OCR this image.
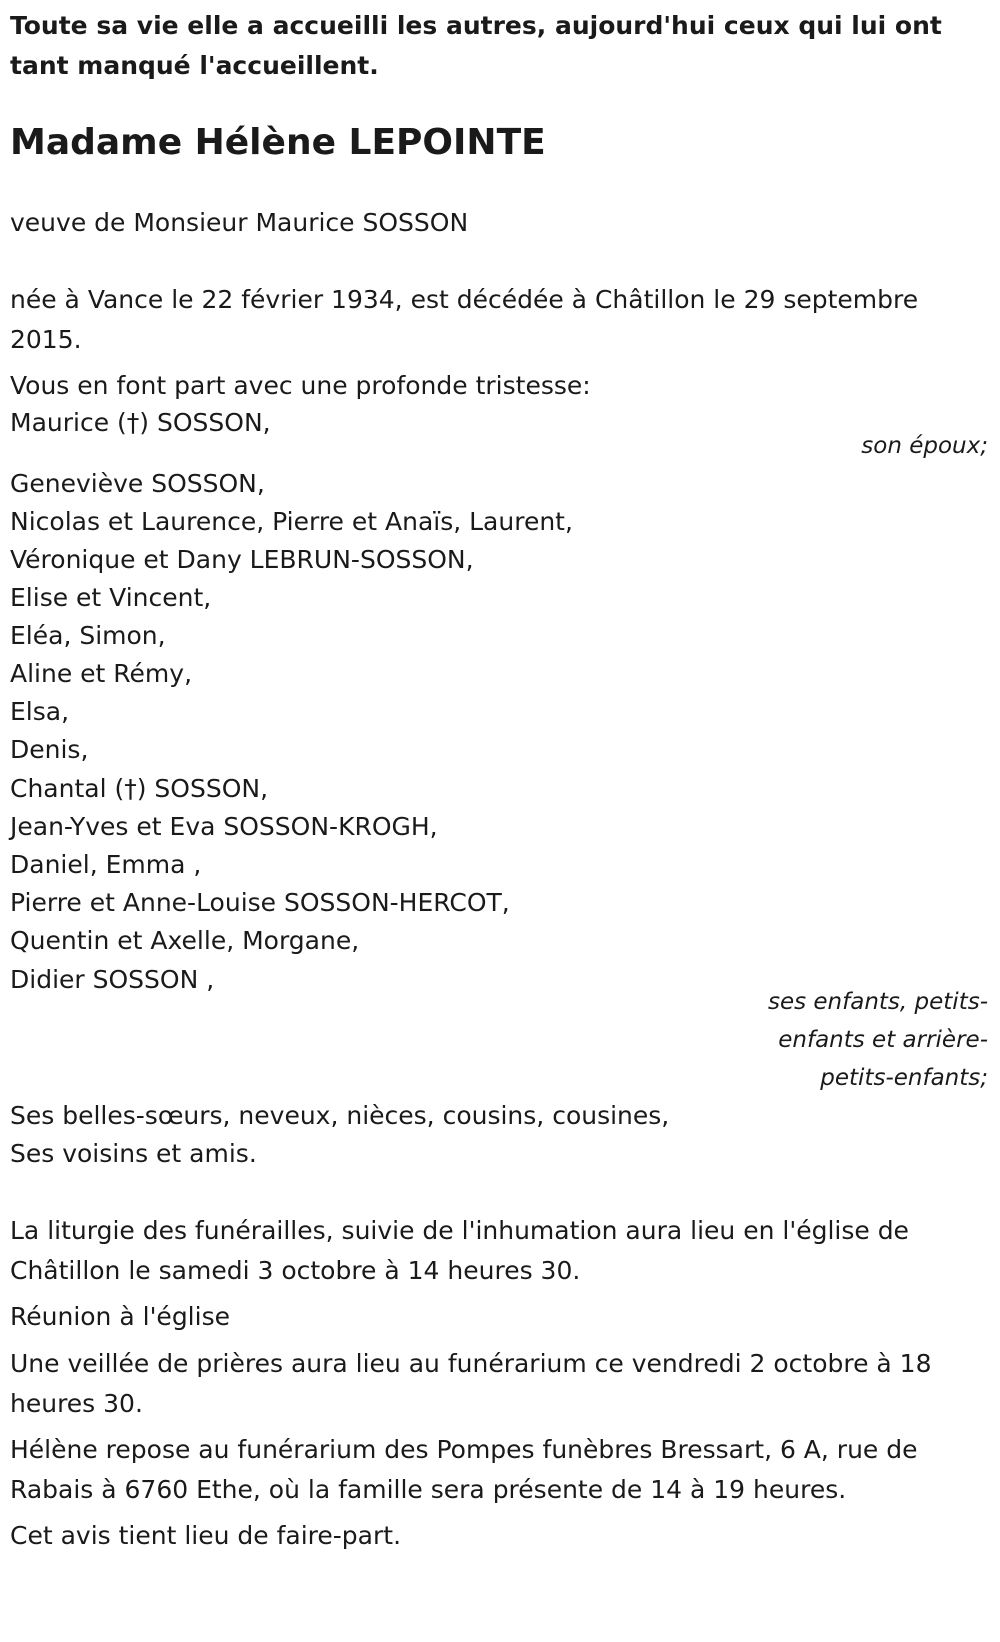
Toute sa vie elle a accueilli les autres, aujourd'hui ceux qui lui ont tant manqué l'accueillent.

Madame Hélène LEPOINTE

veuve de Monsieur Maurice SOSSON

née à Vance le 22 février 1934, est décédée à Châtillon le 29 septembre 2015.

Vous en font part avec une profonde tristesse:

Maurice (†) SOSSON,
son époux;
Geneviève SOSSON,
Nicolas et Laurence, Pierre et Anaïs, Laurent,
Véronique et Dany LEBRUN-SOSSON,
Elise et Vincent,
Eléa, Simon,
Aline et Rémy,
Elsa,
Denis,
Chantal (†) SOSSON,
Jean-Yves et Eva SOSSON-KROGH,
Daniel, Emma ,
Pierre et Anne-Louise SOSSON-HERCOT,
Quentin et Axelle, Morgane,
Didier SOSSON ,
ses enfants, petits-
enfants et arrière-
petits-enfants;
Ses belles-sœurs, neveux, nièces, cousins, cousines,
Ses voisins et amis.

La liturgie des funérailles, suivie de l'inhumation aura lieu en l'église de Châtillon le samedi 3 octobre à 14 heures 30.

Réunion à l'église

Une veillée de prières aura lieu au funérarium ce vendredi 2 octobre à 18 heures 30.

Hélène repose au funérarium des Pompes funèbres Bressart, 6 A, rue de Rabais à 6760 Ethe, où la famille sera présente de 14 à 19 heures.

Cet avis tient lieu de faire-part.
